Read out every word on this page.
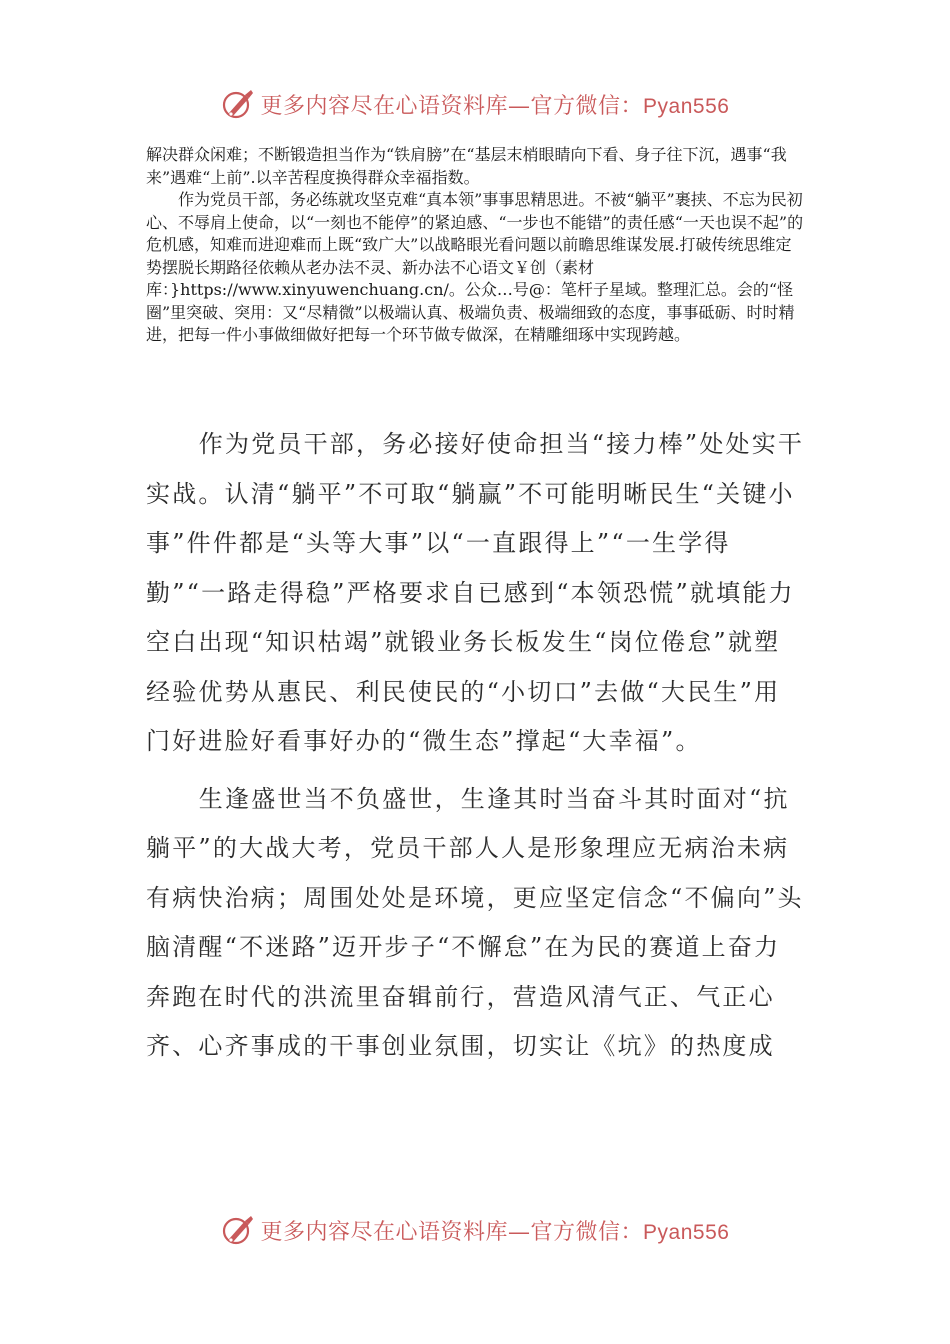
更多内容尽在心语资料库—官方微信：Pyan556

解决群众闲难；不断锻造担当作为“铁肩膀”在“基层末梢眼睛向下看、身子往下沉，遇事“我来”遇难“上前”.以辛苦程度换得群众幸福指数。

作为党员干部，务必练就攻坚克难“真本领”事事思精思进。不被“躺平”裹挟、不忘为民初心、不辱肩上使命，以“一刻也不能停”的紧迫感、“一步也不能错”的责任感“一天也误不起”的危机感，知难而进迎难而上既“致广大”以战略眼光看问题以前瞻思维谋发展.打破传统思维定势摆脱长期路径依赖从老办法不灵、新办法不心语文￥创（素材库：}https://www.xinyuwenchuang.cn/。公众…号@：笔杆子星域。整理汇总。会的“怪圈”里突破、突用：又“尽精微”以极端认真、极端负责、极端细致的态度，事事砥砺、时时精进，把每一件小事做细做好把每一个环节做专做深，在精雕细琢中实现跨越。

作为党员干部，务必接好使命担当“接力棒”处处实干实战。认清“躺平”不可取“躺赢”不可能明晰民生“关键小事”件件都是“头等大事”以“一直跟得上”“一生学得勤”“一路走得稳”严格要求自已感到“本领恐慌”就填能力空白出现“知识枯竭”就锻业务长板发生“岗位倦怠”就塑经验优势从惠民、利民使民的“小切口”去做“大民生”用门好进脸好看事好办的“微生态”撑起“大幸福”。

生逢盛世当不负盛世，生逢其时当奋斗其时面对“抗躺平”的大战大考，党员干部人人是形象理应无病治未病有病快治病；周围处处是环境，更应坚定信念“不偏向”头脑清醒“不迷路”迈开步子“不懈怠”在为民的赛道上奋力奔跑在时代的洪流里奋辑前行，营造风清气正、气正心齐、心齐事成的干事创业氛围，切实让《坑》的热度成

更多内容尽在心语资料库—官方微信：Pyan556
